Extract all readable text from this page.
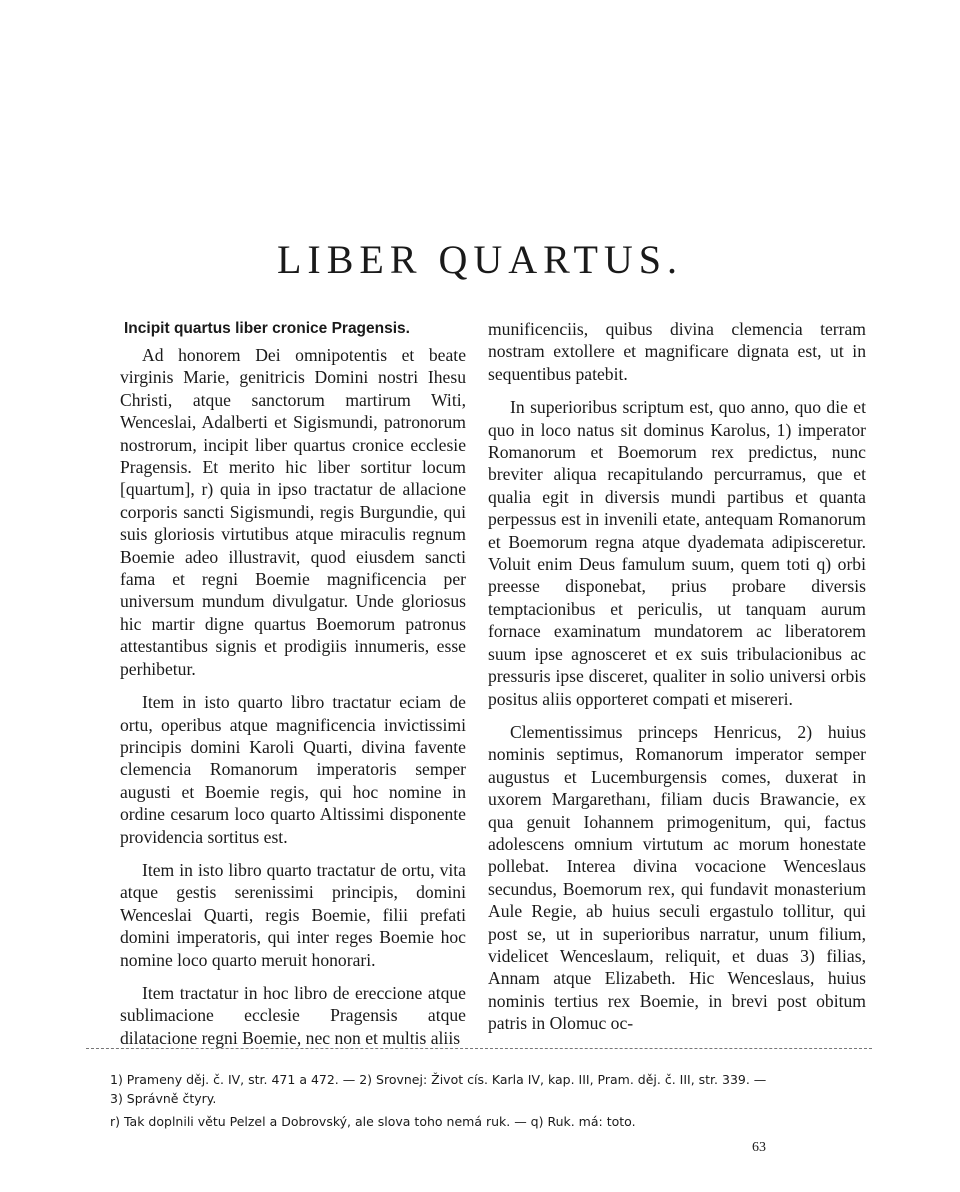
LIBER QUARTUS.

Incipit quartus liber cronice Pragensis.

Ad honorem Dei omnipotentis et beate virginis Marie, genitricis Domini nostri Ihesu Christi, atque sanctorum martirum Witi, Wenceslai, Adalberti et Sigismundi, patronorum nostrorum, incipit liber quartus cronice ecclesie Pragensis. Et merito hic liber sortitur locum [quartum], r) quia in ipso tractatur de allacione corporis sancti Sigismundi, regis Burgundie, qui suis gloriosis virtutibus atque miraculis regnum Boemie adeo illustravit, quod eiusdem sancti fama et regni Boemie magnificencia per universum mundum divulgatur. Unde gloriosus hic martir digne quartus Boemorum patronus attestantibus signis et prodigiis innumeris, esse perhibetur.

Item in isto quarto libro tractatur eciam de ortu, operibus atque magnificencia invictissimi principis domini Karoli Quarti, divina favente clemencia Romanorum imperatoris semper augusti et Boemie regis, qui hoc nomine in ordine cesarum loco quarto Altissimi disponente providencia sortitus est.

Item in isto libro quarto tractatur de ortu, vita atque gestis serenissimi principis, domini Wenceslai Quarti, regis Boemie, filii prefati domini imperatoris, qui inter reges Boemie hoc nomine loco quarto meruit honorari.

Item tractatur in hoc libro de ereccione atque sublimacione ecclesie Pragensis atque dilatacione regni Boemie, nec non et multis aliis

munificenciis, quibus divina clemencia terram nostram extollere et magnificare dignata est, ut in sequentibus patebit.

In superioribus scriptum est, quo anno, quo die et quo in loco natus sit dominus Karolus, 1) imperator Romanorum et Boemorum rex predictus, nunc breviter aliqua recapitulando percurramus, que et qualia egit in diversis mundi partibus et quanta perpessus est in invenili etate, antequam Romanorum et Boemorum regna atque dyademata adipisceretur. Voluit enim Deus famulum suum, quem toti q) orbi preesse disponebat, prius probare diversis temptacionibus et periculis, ut tanquam aurum fornace examinatum mundatorem ac liberatorem suum ipse agnosceret et ex suis tribulacionibus ac pressuris ipse disceret, qualiter in solio universi orbis positus aliis opporteret compati et misereri.

Clementissimus princeps Henricus, 2) huius nominis septimus, Romanorum imperator semper augustus et Lucemburgensis comes, duxerat in uxorem Margarethanı, filiam ducis Brawancie, ex qua genuit Iohannem primogenitum, qui, factus adolescens omnium virtutum ac morum honestate pollebat. Interea divina vocacione Wenceslaus secundus, Boemorum rex, qui fundavit monasterium Aule Regie, ab huius seculi ergastulo tollitur, qui post se, ut in superioribus narratur, unum filium, videlicet Wenceslaum, reliquit, et duas 3) filias, Annam atque Elizabeth. Hic Wenceslaus, huius nominis tertius rex Boemie, in brevi post obitum patris in Olomuc oc-

1) Prameny děj. č. IV, str. 471 a 472. — 2) Srovnej: Život cís. Karla IV, kap. III, Pram. děj. č. III, str. 339. —
3) Správně čtyry.
r) Tak doplnili větu Pelzel a Dobrovský, ale slova toho nemá ruk. — q) Ruk. má: toto.
63
